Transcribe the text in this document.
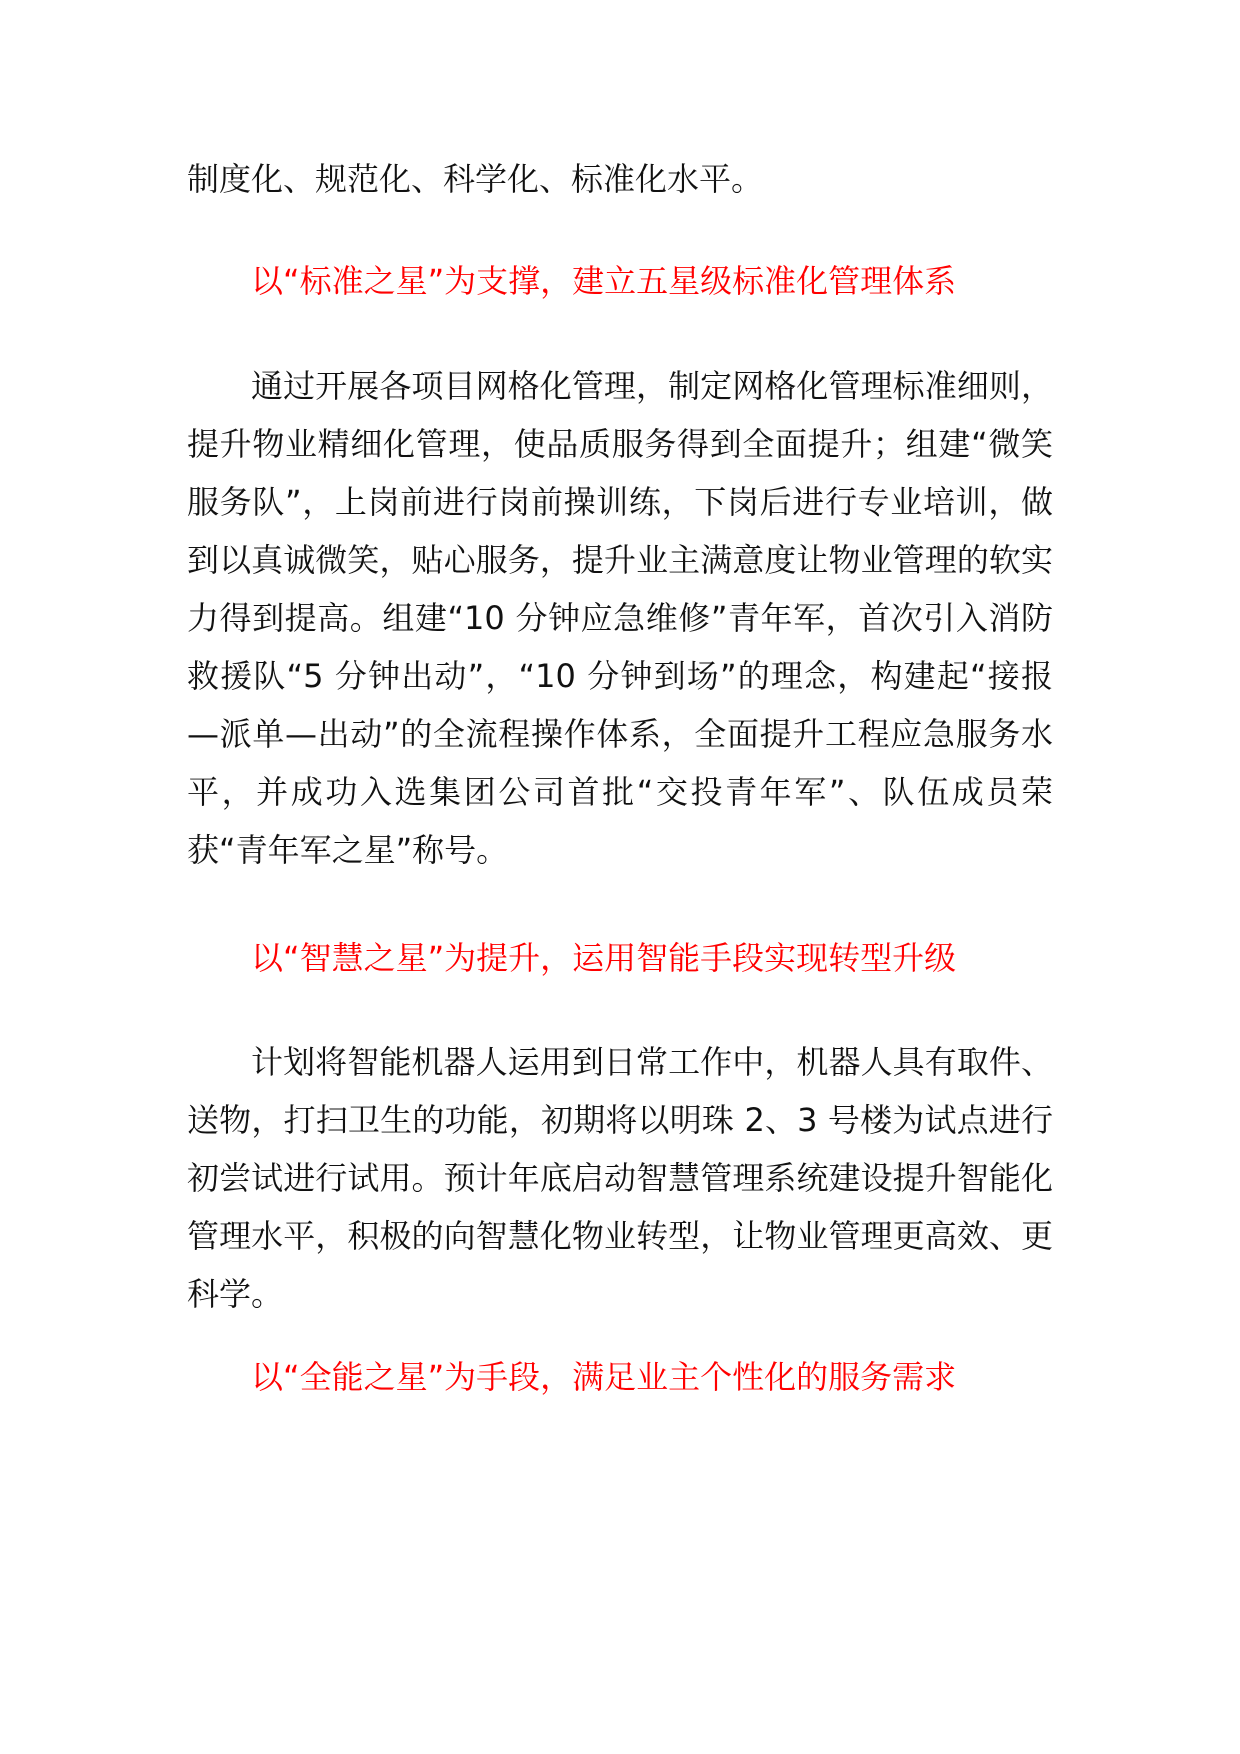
制度化、规范化、科学化、标准化水平。

以“标准之星”为支撑，建立五星级标准化管理体系

通过开展各项目网格化管理，制定网格化管理标准细则，提升物业精细化管理，使品质服务得到全面提升；组建“微笑服务队”，上岗前进行岗前操训练，下岗后进行专业培训，做到以真诚微笑，贴心服务，提升业主满意度让物业管理的软实力得到提高。组建“10 分钟应急维修”青年军，首次引入消防救援队“5 分钟出动”，“10 分钟到场”的理念，构建起“接报—派单—出动”的全流程操作体系，全面提升工程应急服务水平，并成功入选集团公司首批“交投青年军”、队伍成员荣获“青年军之星”称号。

以“智慧之星”为提升，运用智能手段实现转型升级

计划将智能机器人运用到日常工作中，机器人具有取件、送物，打扫卫生的功能，初期将以明珠 2、3 号楼为试点进行初尝试进行试用。预计年底启动智慧管理系统建设提升智能化管理水平，积极的向智慧化物业转型，让物业管理更高效、更科学。

以“全能之星”为手段，满足业主个性化的服务需求
